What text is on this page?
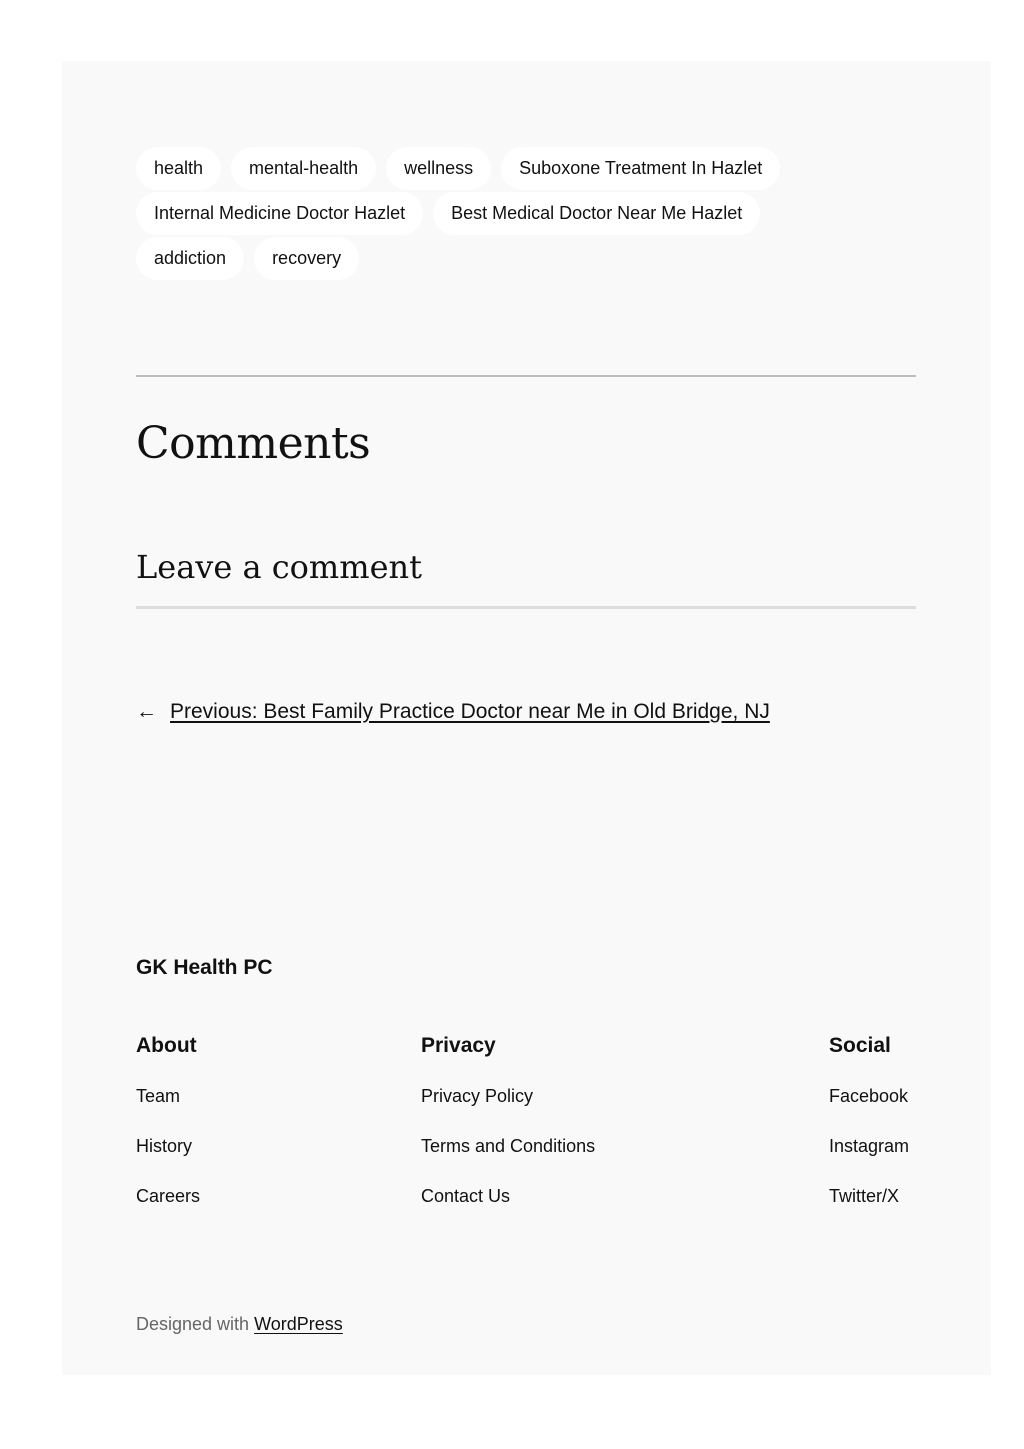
health	mental-health	wellness	Suboxone Treatment In Hazlet
Internal Medicine Doctor Hazlet	Best Medical Doctor Near Me Hazlet
addiction	recovery
Comments
Leave a comment
← Previous: Best Family Practice Doctor near Me in Old Bridge, NJ
GK Health PC
About
Team
History
Careers
Privacy
Privacy Policy
Terms and Conditions
Contact Us
Social
Facebook
Instagram
Twitter/X
Designed with WordPress
